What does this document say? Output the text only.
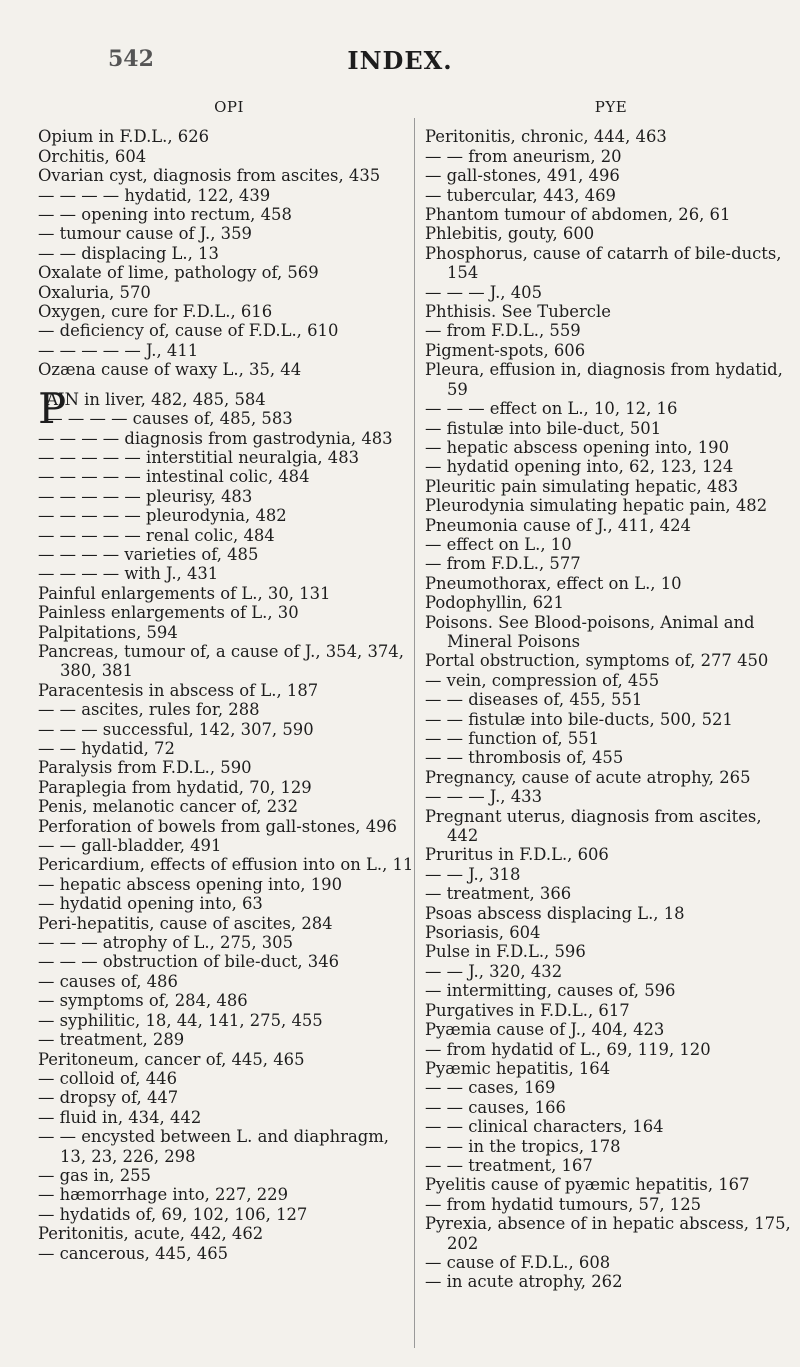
542	INDEX.
OPI
Opium in F.D.L., 626
Orchitis, 604
Ovarian cyst, diagnosis from ascites, 435
— — — — hydatid, 122, 439
— — opening into rectum, 458
— tumour cause of J., 359
— — displacing L., 13
Oxalate of lime, pathology of, 569
Oxaluria, 570
Oxygen, cure for F.D.L., 616
— deficiency of, cause of F.D.L., 610
— — — — — J., 411
Ozæna cause of waxy L., 35, 44
P
AIN in liver, 482, 485, 584
— — — — causes of, 485, 583
— — — — diagnosis from gastrodynia, 483
— — — — — interstitial neuralgia, 483
— — — — — intestinal colic, 484
— — — — — pleurisy, 483
— — — — — pleurodynia, 482
— — — — — renal colic, 484
— — — — varieties of, 485
— — — — with J., 431
Painful enlargements of L., 30, 131
Painless enlargements of L., 30
Palpitations, 594
Pancreas, tumour of, a cause of J., 354, 374, 380, 381
Paracentesis in abscess of L., 187
— — ascites, rules for, 288
— — — successful, 142, 307, 590
— — hydatid, 72
Paralysis from F.D.L., 590
Paraplegia from hydatid, 70, 129
Penis, melanotic cancer of, 232
Perforation of bowels from gall-stones, 496
— — gall-bladder, 491
Pericardium, effects of effusion into on L., 11
— hepatic abscess opening into, 190
— hydatid opening into, 63
Peri-hepatitis, cause of ascites, 284
— — — atrophy of L., 275, 305
— — — obstruction of bile-duct, 346
— causes of, 486
— symptoms of, 284, 486
— syphilitic, 18, 44, 141, 275, 455
— treatment, 289
Peritoneum, cancer of, 445, 465
— colloid of, 446
— dropsy of, 447
— fluid in, 434, 442
— — encysted between L. and diaphragm, 13, 23, 226, 298
— gas in, 255
— hæmorrhage into, 227, 229
— hydatids of, 69, 102, 106, 127
Peritonitis, acute, 442, 462
— cancerous, 445, 465
PYE
Peritonitis, chronic, 444, 463
— — from aneurism, 20
— gall-stones, 491, 496
— tubercular, 443, 469
Phantom tumour of abdomen, 26, 61
Phlebitis, gouty, 600
Phosphorus, cause of catarrh of bile-ducts, 154
— — — J., 405
Phthisis. See Tubercle
— from F.D.L., 559
Pigment-spots, 606
Pleura, effusion in, diagnosis from hydatid, 59
— — — effect on L., 10, 12, 16
— fistulæ into bile-duct, 501
— hepatic abscess opening into, 190
— hydatid opening into, 62, 123, 124
Pleuritic pain simulating hepatic, 483
Pleurodynia simulating hepatic pain, 482
Pneumonia cause of J., 411, 424
— effect on L., 10
— from F.D.L., 577
Pneumothorax, effect on L., 10
Podophyllin, 621
Poisons. See Blood-poisons, Animal and Mineral Poisons
Portal obstruction, symptoms of, 277 450
— vein, compression of, 455
— — diseases of, 455, 551
— — fistulæ into bile-ducts, 500, 521
— — function of, 551
— — thrombosis of, 455
Pregnancy, cause of acute atrophy, 265
— — — J., 433
Pregnant uterus, diagnosis from ascites, 442
Pruritus in F.D.L., 606
— — J., 318
— treatment, 366
Psoas abscess displacing L., 18
Psoriasis, 604
Pulse in F.D.L., 596
— — J., 320, 432
— intermitting, causes of, 596
Purgatives in F.D.L., 617
Pyæmia cause of J., 404, 423
— from hydatid of L., 69, 119, 120
Pyæmic hepatitis, 164
— — cases, 169
— — causes, 166
— — clinical characters, 164
— — in the tropics, 178
— — treatment, 167
Pyelitis cause of pyæmic hepatitis, 167
— from hydatid tumours, 57, 125
Pyrexia, absence of in hepatic abscess, 175, 202
— cause of F.D.L., 608
— in acute atrophy, 262
